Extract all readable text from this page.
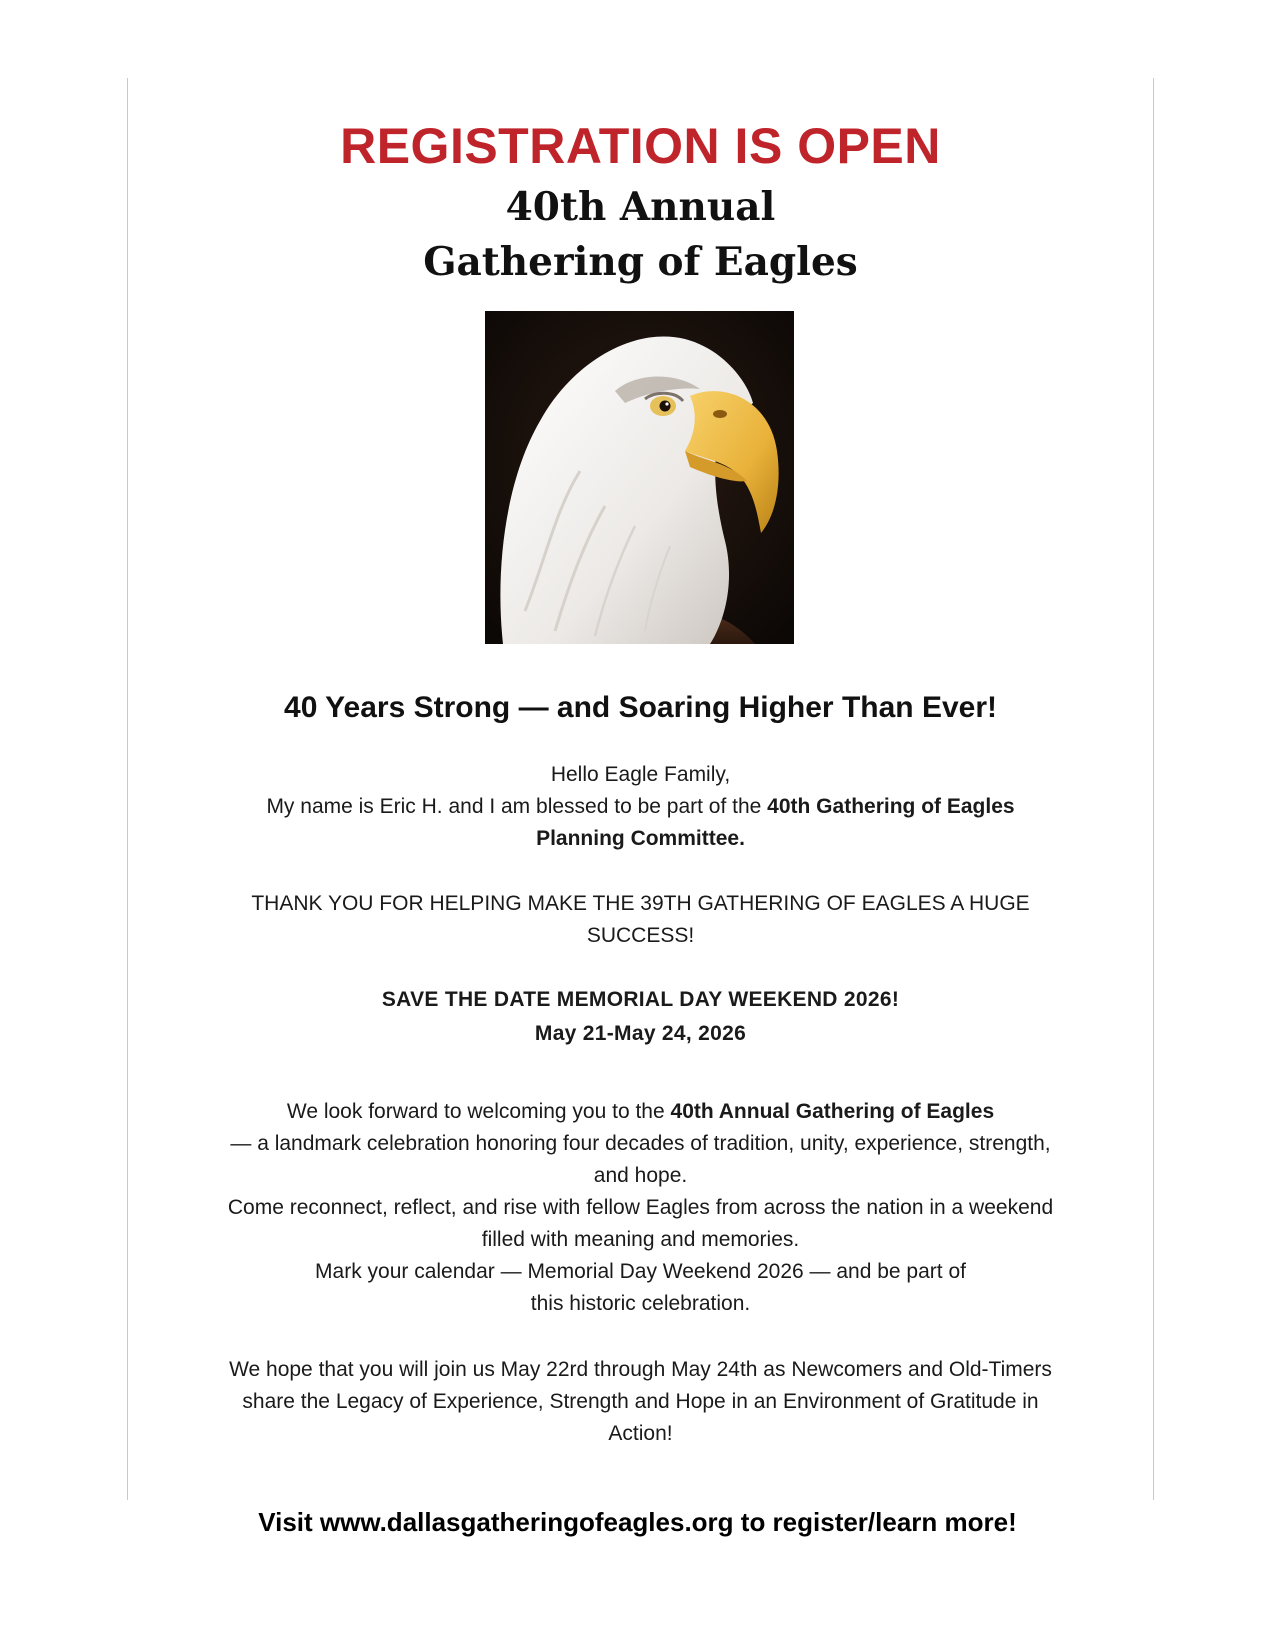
REGISTRATION IS OPEN
40th Annual
Gathering of Eagles
40 Years Strong — and Soaring Higher Than Ever!

Hello Eagle Family,

My name is Eric H. and I am blessed to be part of the 40th Gathering of Eagles

Planning Committee.

THANK YOU FOR HELPING MAKE THE 39TH GATHERING OF EAGLES A HUGE

SUCCESS!

SAVE THE DATE MEMORIAL DAY WEEKEND 2026!

May 21-May 24, 2026

We look forward to welcoming you to the 40th Annual Gathering of Eagles

— a landmark celebration honoring four decades of tradition, unity, experience, strength,

and hope.

Come reconnect, reflect, and rise with fellow Eagles from across the nation in a weekend

filled with meaning and memories.

Mark your calendar — Memorial Day Weekend 2026 — and be part of

this historic celebration.

We hope that you will join us May 22rd through May 24th as Newcomers and Old-Timers

share the Legacy of Experience, Strength and Hope in an Environment of Gratitude in

Action!

Visit www.dallasgatheringofeagles.org to register/learn more!
